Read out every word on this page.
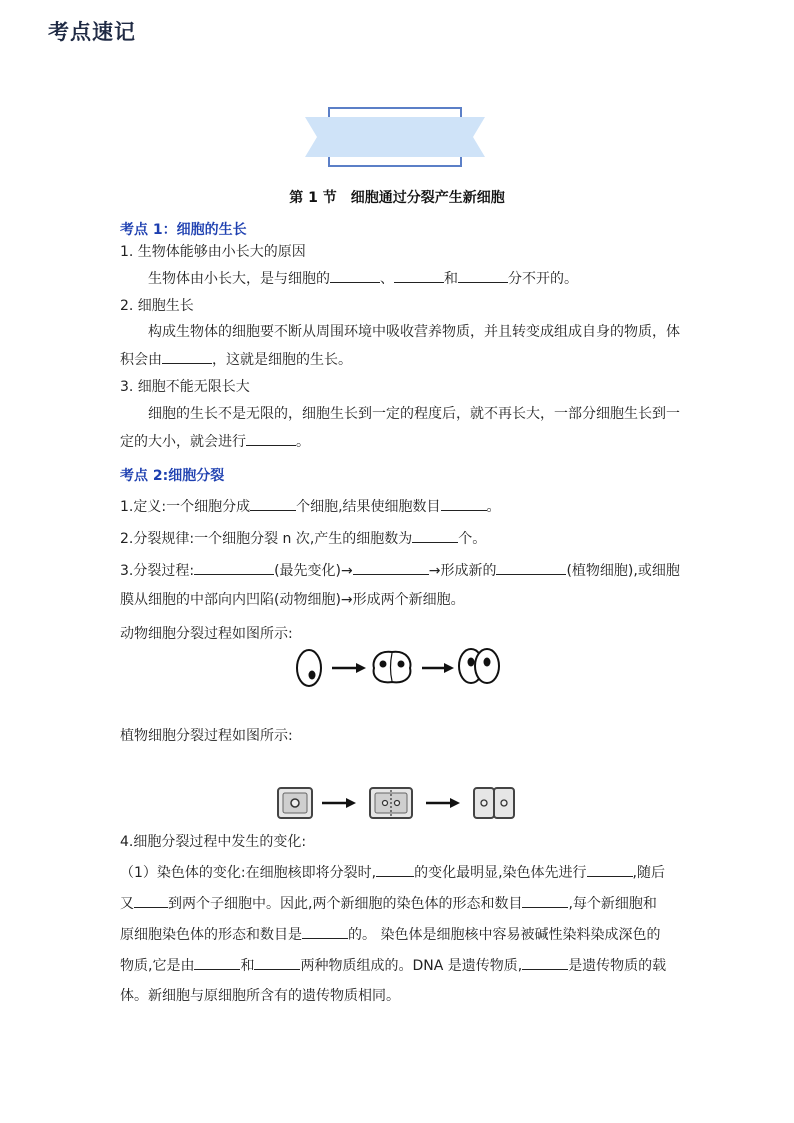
考点速记
第 1 节　细胞通过分裂产生新细胞
考点 1：细胞的生长
1. 生物体能够由小长大的原因
生物体由小长大，是与细胞的	、	和	分不开的。
2. 细胞生长
构成生物体的细胞要不断从周围环境中吸收营养物质，并且转变成组成自身的物质，体
积会由	，这就是细胞的生长。
3. 细胞不能无限长大
细胞的生长不是无限的，细胞生长到一定的程度后，就不再长大，一部分细胞生长到一
定的大小，就会进行	。
考点 2:细胞分裂
1.定义:一个细胞分成	个细胞,结果使细胞数目	。
2.分裂规律:一个细胞分裂 n 次,产生的细胞数为	个。
3.分裂过程:	(最先变化)→	→形成新的	(植物细胞),或细胞
膜从细胞的中部向内凹陷(动物细胞)→形成两个新细胞。
动物细胞分裂过程如图所示:
植物细胞分裂过程如图所示:
4.细胞分裂过程中发生的变化:
（1）染色体的变化:在细胞核即将分裂时,	的变化最明显,染色体先进行	,随后
又 到两个子细胞中。因此,两个新细胞的染色体的形态和数目	,每个新细胞和
原细胞染色体的形态和数目是	的。 染色体是细胞核中容易被碱性染料染成深色的
物质,它是由	和	两种物质组成的。DNA 是遗传物质,	是遗传物质的载
体。新细胞与原细胞所含有的遗传物质相同。
